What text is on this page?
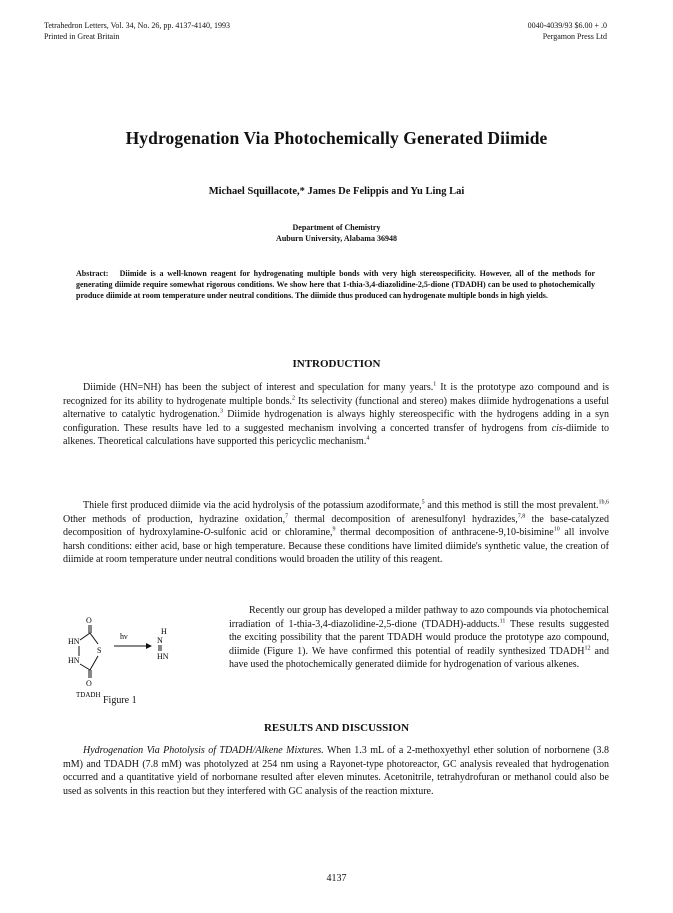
Tetrahedron Letters, Vol. 34, No. 26, pp. 4137-4140, 1993
Printed in Great Britain
0040-4039/93 $6.00 + .0
Pergamon Press Ltd
Hydrogenation Via Photochemically Generated Diimide
Michael Squillacote,* James De Felippis and Yu Ling Lai
Department of Chemistry
Auburn University, Alabama 36948
Abstract: Diimide is a well-known reagent for hydrogenating multiple bonds with very high stereospecificity. However, all of the methods for generating diimide require somewhat rigorous conditions. We show here that 1-thia-3,4-diazolidine-2,5-dione (TDADH) can be used to photochemically produce diimide at room temperature under neutral conditions. The diimide thus produced can hydrogenate multiple bonds in high yields.
INTRODUCTION
Diimide (HN=NH) has been the subject of interest and speculation for many years.$^1$ It is the prototype azo compound and is recognized for its ability to hydrogenate multiple bonds.$^2$ Its selectivity (functional and stereo) makes diimide hydrogenations a useful alternative to catalytic hydrogenation.$^3$ Diimide hydrogenation is always highly stereospecific with the hydrogens adding in a syn configuration. These results have led to a suggested mechanism involving a concerted transfer of hydrogens from cis-diimide to alkenes. Theoretical calculations have supported this pericyclic mechanism.$^4$
Thiele first produced diimide via the acid hydrolysis of the potassium azodiformate,$^5$ and this method is still the most prevalent.$^{1b,6}$ Other methods of production, hydrazine oxidation,$^7$ thermal decomposition of arenesulfonyl hydrazides,$^{7,8}$ the base-catalyzed decomposition of hydroxylamine-O-sulfonic acid or chloramine,$^9$ thermal decomposition of anthracene-9,10-bisimine$^{10}$ all involve harsh conditions: either acid, base or high temperature. Because these conditions have limited diimide's synthetic value, the creation of diimide at room temperature under neutral conditions would broaden the utility of this reagent.
O
HN
HN
S
O
TDADH
hν
H
N
HN
Figure 1
Recently our group has developed a milder pathway to azo compounds via photochemical irradiation of 1-thia-3,4-diazolidine-2,5-dione (TDADH)-adducts.$^{11}$ These results suggested the exciting possibility that the parent TDADH would produce the prototype azo compound, diimide (Figure 1). We have confirmed this potential of readily synthesized TDADH$^{12}$ and have used the photochemically generated diimide for hydrogenation of various alkenes.
RESULTS AND DISCUSSION
Hydrogenation Via Photolysis of TDADH/Alkene Mixtures. When 1.3 mL of a 2-methoxyethyl ether solution of norbornene (3.8 mM) and TDADH (7.8 mM) was photolyzed at 254 nm using a Rayonet-type photoreactor, GC analysis revealed that hydrogenation occurred and a quantitative yield of norbornane resulted after eleven minutes. Acetonitrile, tetrahydrofuran or methanol could also be used as solvents in this reaction but they interfered with GC analysis of the reaction mixture.
4137
